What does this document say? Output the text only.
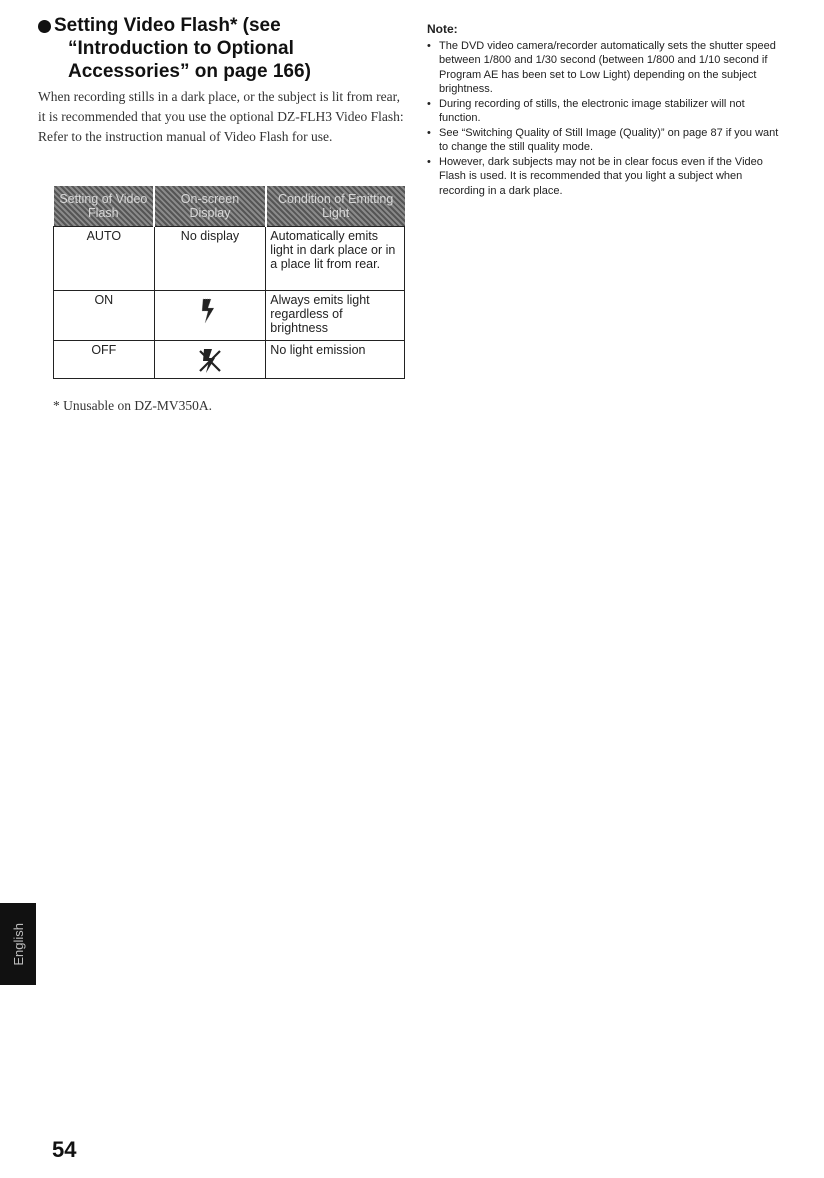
Setting Video Flash* (see
“Introduction to Optional
Accessories” on page 166)

When recording stills in a dark place, or the subject is lit from rear, it is recommended that you use the optional DZ-FLH3 Video Flash: Refer to the instruction manual of Video Flash for use.

Setting of Video Flash	On-screen Display	Condition of Emitting Light
AUTO	No display	Automatically emits light in dark place or in a place lit from rear.
ON		Always emits light regardless of brightness
OFF		No light emission
* Unusable on DZ-MV350A.

Note:

• The DVD video camera/recorder automatically sets the shutter speed between 1/800 and 1/30 second (between 1/800 and 1/10 second if Program AE has been set to Low Light) depending on the subject brightness.
• During recording of stills, the electronic image stabilizer will not function.
• See “Switching Quality of Still Image (Quality)” on page 87 if you want to change the still quality mode.
• However, dark subjects may not be in clear focus even if the Video Flash is used. It is recommended that you light a subject when recording in a dark place.
English
54
